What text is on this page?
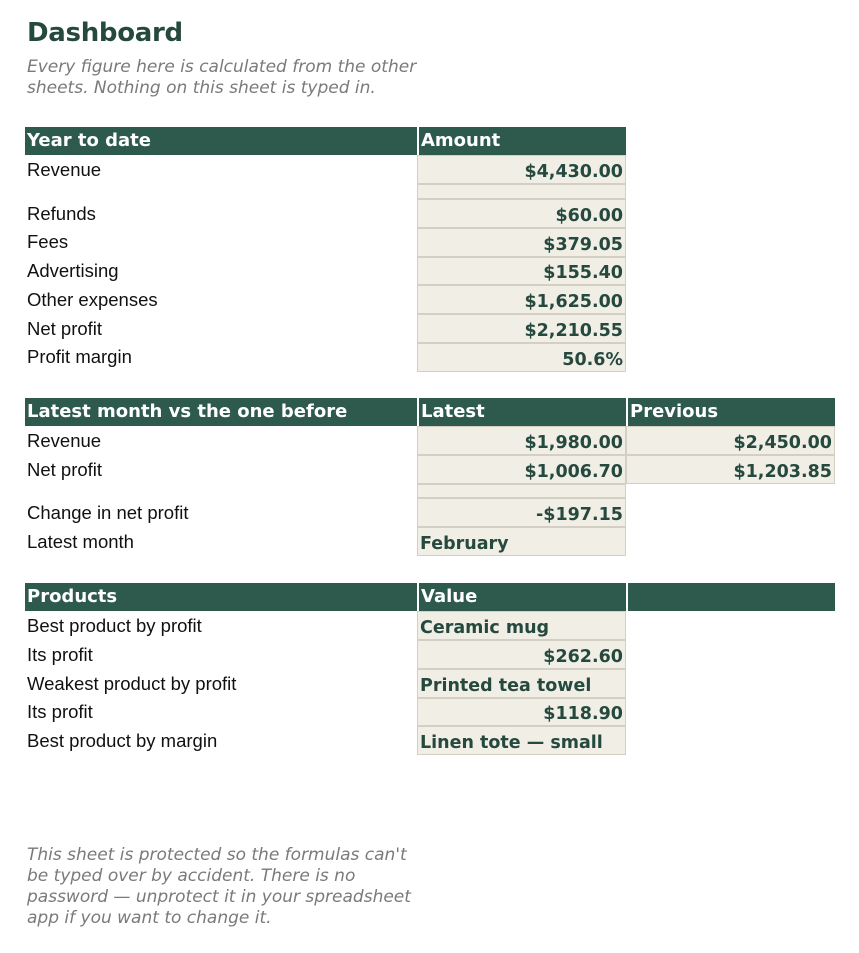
Dashboard
Every figure here is calculated from the other sheets. Nothing on this sheet is typed in.
Year to date	Amount
Revenue	$4,430.00
Refunds	$60.00
Fees	$379.05
Advertising	$155.40
Other expenses	$1,625.00
Net profit	$2,210.55
Profit margin	50.6%
Latest month vs the one before	Latest	Previous
Revenue	$1,980.00	$2,450.00
Net profit	$1,006.70	$1,203.85
Change in net profit	-$197.15
Latest month	February
Products	Value
Best product by profit	Ceramic mug
Its profit	$262.60
Weakest product by profit	Printed tea towel
Its profit	$118.90
Best product by margin	Linen tote — small
This sheet is protected so the formulas can't be typed over by accident. There is no password — unprotect it in your spreadsheet app if you want to change it.
